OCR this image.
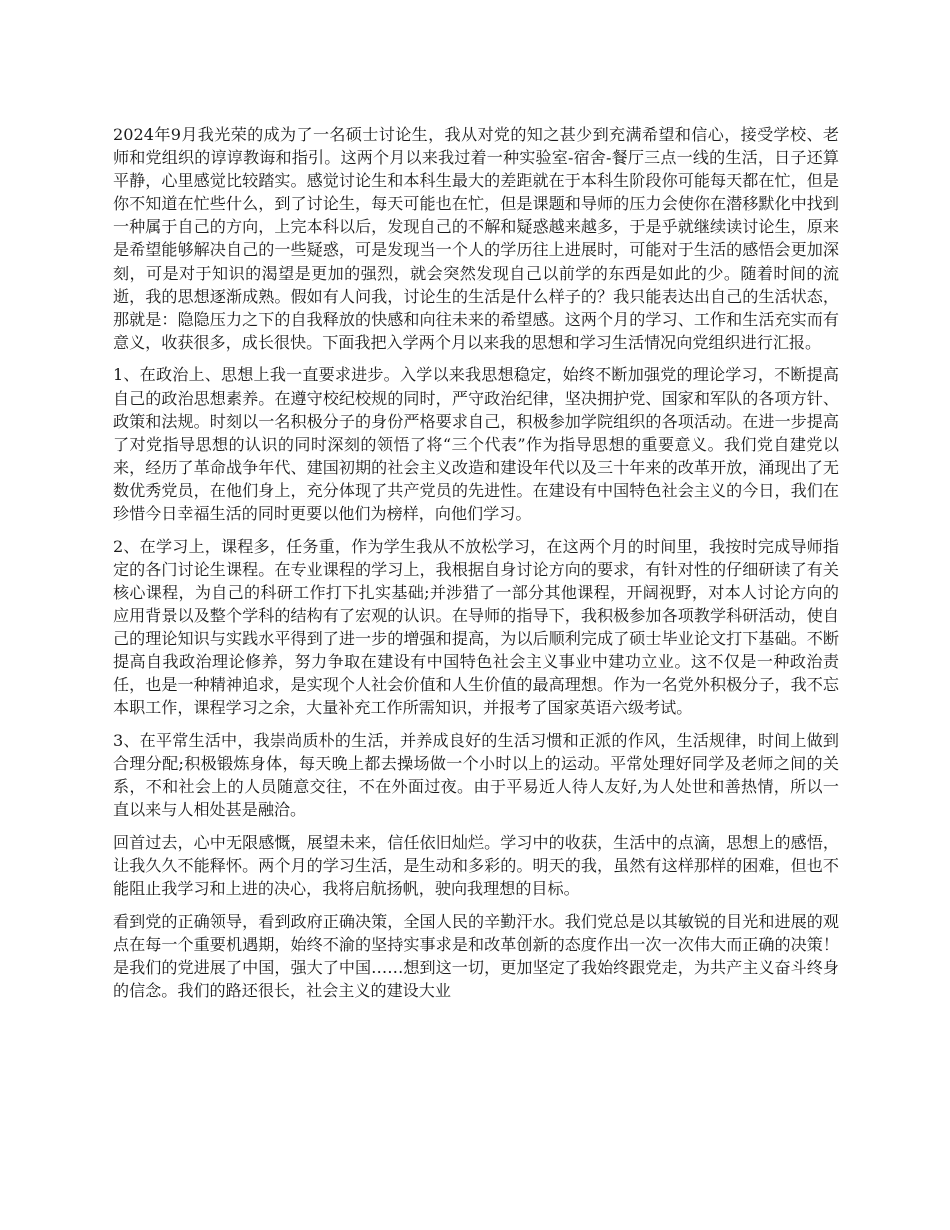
2024年9月我光荣的成为了一名硕士讨论生，我从对党的知之甚少到充满希望和信心，接受学校、老师和党组织的谆谆教诲和指引。这两个月以来我过着一种实验室-宿舍-餐厅三点一线的生活，日子还算平静，心里感觉比较踏实。感觉讨论生和本科生最大的差距就在于本科生阶段你可能每天都在忙，但是你不知道在忙些什么，到了讨论生，每天可能也在忙，但是课题和导师的压力会使你在潜移默化中找到一种属于自己的方向，上完本科以后，发现自己的不解和疑惑越来越多，于是乎就继续读讨论生，原来是希望能够解决自己的一些疑惑，可是发现当一个人的学历往上进展时，可能对于生活的感悟会更加深刻，可是对于知识的渴望是更加的强烈，就会突然发现自己以前学的东西是如此的少。随着时间的流逝，我的思想逐渐成熟。假如有人问我，讨论生的生活是什么样子的？我只能表达出自己的生活状态，那就是：隐隐压力之下的自我释放的快感和向往未来的希望感。这两个月的学习、工作和生活充实而有意义，收获很多，成长很快。下面我把入学两个月以来我的思想和学习生活情况向党组织进行汇报。

1、在政治上、思想上我一直要求进步。入学以来我思想稳定，始终不断加强党的理论学习，不断提高自己的政治思想素养。在遵守校纪校规的同时，严守政治纪律，坚决拥护党、国家和军队的各项方针、政策和法规。时刻以一名积极分子的身份严格要求自己，积极参加学院组织的各项活动。在进一步提高了对党指导思想的认识的同时深刻的领悟了将“三个代表”作为指导思想的重要意义。我们党自建党以来，经历了革命战争年代、建国初期的社会主义改造和建设年代以及三十年来的改革开放，涌现出了无数优秀党员，在他们身上，充分体现了共产党员的先进性。在建设有中国特色社会主义的今日，我们在珍惜今日幸福生活的同时更要以他们为榜样，向他们学习。

2、在学习上，课程多，任务重，作为学生我从不放松学习，在这两个月的时间里，我按时完成导师指定的各门讨论生课程。在专业课程的学习上，我根据自身讨论方向的要求，有针对性的仔细研读了有关核心课程，为自己的科研工作打下扎实基础;并涉猎了一部分其他课程，开阔视野，对本人讨论方向的应用背景以及整个学科的结构有了宏观的认识。在导师的指导下，我积极参加各项教学科研活动，使自己的理论知识与实践水平得到了进一步的增强和提高，为以后顺利完成了硕士毕业论文打下基础。不断提高自我政治理论修养，努力争取在建设有中国特色社会主义事业中建功立业。这不仅是一种政治责任，也是一种精神追求，是实现个人社会价值和人生价值的最高理想。作为一名党外积极分子，我不忘本职工作，课程学习之余，大量补充工作所需知识，并报考了国家英语六级考试。

3、在平常生活中，我崇尚质朴的生活，并养成良好的生活习惯和正派的作风，生活规律，时间上做到合理分配;积极锻炼身体，每天晚上都去操场做一个小时以上的运动。平常处理好同学及老师之间的关系，不和社会上的人员随意交往，不在外面过夜。由于平易近人待人友好,为人处世和善热情，所以一直以来与人相处甚是融洽。

回首过去，心中无限感慨，展望未来，信任依旧灿烂。学习中的收获，生活中的点滴，思想上的感悟，让我久久不能释怀。两个月的学习生活，是生动和多彩的。明天的我，虽然有这样那样的困难，但也不能阻止我学习和上进的决心，我将启航扬帆，驶向我理想的目标。

看到党的正确领导，看到政府正确决策，全国人民的辛勤汗水。我们党总是以其敏锐的目光和进展的观点在每一个重要机遇期，始终不渝的坚持实事求是和改革创新的态度作出一次一次伟大而正确的决策！是我们的党进展了中国，强大了中国……想到这一切，更加坚定了我始终跟党走，为共产主义奋斗终身的信念。我们的路还很长，社会主义的建设大业
